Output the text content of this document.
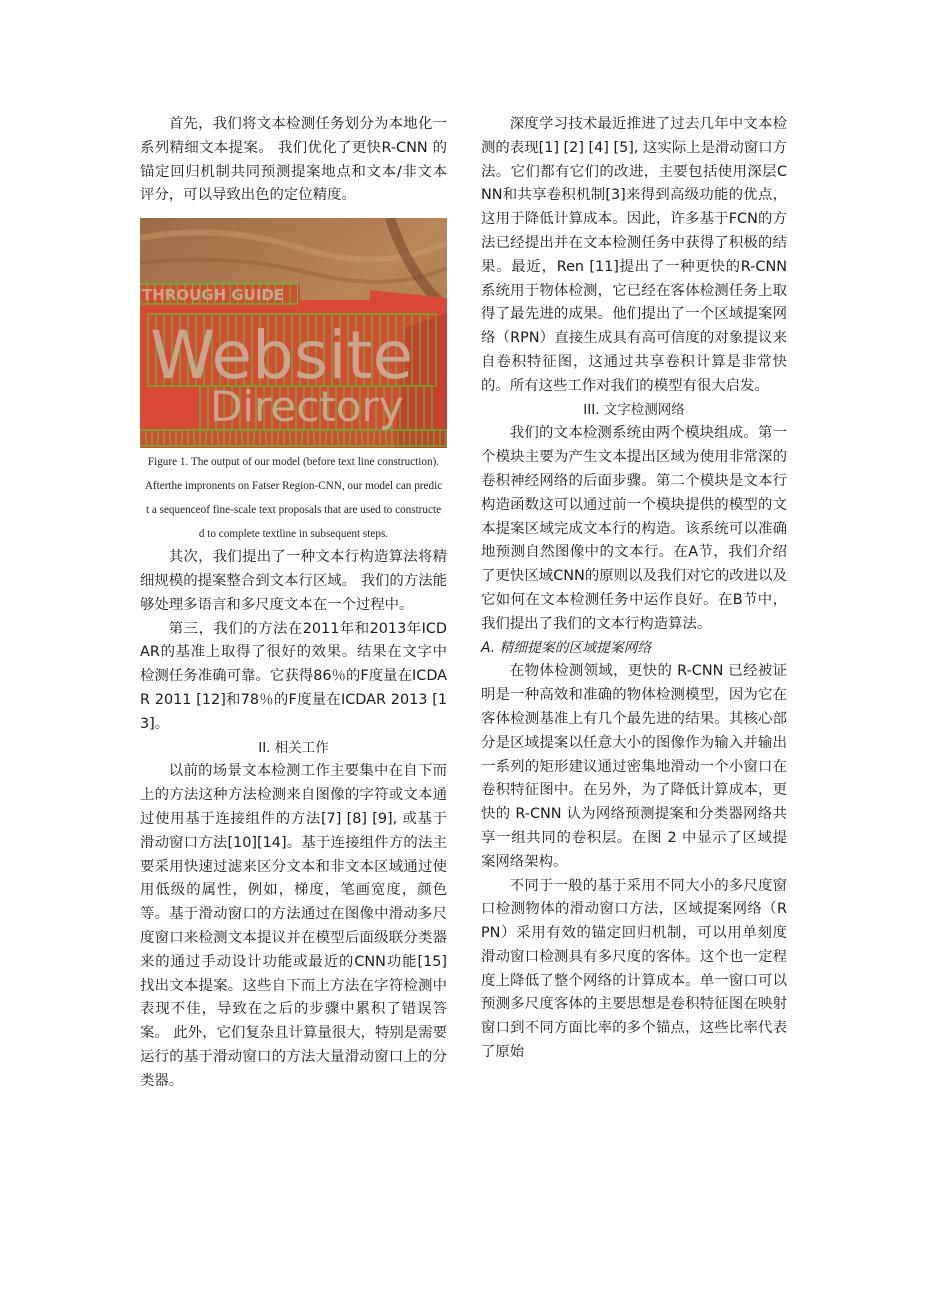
首先，我们将文本检测任务划分为本地化一系列精细文本提案。 我们优化了更快R-CNN 的锚定回归机制共同预测提案地点和文本/非文本评分，可以导致出色的定位精度。

THROUGH GUIDE
Website
Directory

Figure 1. The output of our model (before text line construction). Afterthe impronents on Fatser Region-CNN, our model can predict a sequenceof fine-scale text proposals that are used to constructed to complete textline in subsequent steps.

其次，我们提出了一种文本行构造算法将精细规模的提案整合到文本行区域。 我们的方法能够处理多语言和多尺度文本在一个过程中。

第三，我们的方法在2011年和2013年ICDAR的基准上取得了很好的效果。结果在文字中检测任务准确可靠。它获得86％的F度量在ICDAR 2011 [12]和78％的F度量在ICDAR 2013 [13]。

II. 相关工作

以前的场景文本检测工作主要集中在自下而上的方法这种方法检测来自图像的字符或文本通过使用基于连接组件的方法[7] [8] [9], 或基于滑动窗口方法[10][14]。基于连接组件方的法主要采用快速过滤来区分文本和非文本区域通过使用低级的属性，例如，梯度，笔画宽度，颜色等。基于滑动窗口的方法通过在图像中滑动多尺度窗口来检测文本提议并在模型后面级联分类器来的通过手动设计功能或最近的CNN功能[15] 找出文本提案。这些自下而上方法在字符检测中表现不佳，导致在之后的步骤中累积了错误答案。 此外，它们复杂且计算量很大，特别是需要运行的基于滑动窗口的方法大量滑动窗口上的分类器。

深度学习技术最近推进了过去几年中文本检测的表现[1] [2] [4] [5], 这实际上是滑动窗口方法。它们都有它们的改进，主要包括使用深层CNN和共享卷积机制[3]来得到高级功能的优点，这用于降低计算成本。因此，许多基于FCN的方法已经提出并在文本检测任务中获得了积极的结果。最近，Ren [11]提出了一种更快的R-CNN系统用于物体检测，它已经在客体检测任务上取得了最先进的成果。他们提出了一个区域提案网络（RPN）直接生成具有高可信度的对象提议来自卷积特征图，这通过共享卷积计算是非常快的。所有这些工作对我们的模型有很大启发。

III. 文字检测网络

我们的文本检测系统由两个模块组成。第一个模块主要为产生文本提出区域为使用非常深的卷积神经网络的后面步骤。第二个模块是文本行构造函数这可以通过前一个模块提供的模型的文本提案区域完成文本行的构造。该系统可以准确地预测自然图像中的文本行。在A节，我们介绍了更快区域CNN的原则以及我们对它的改进以及它如何在文本检测任务中运作良好。在B节中，我们提出了我们的文本行构造算法。

A. 精细提案的区域提案网络

在物体检测领域，更快的 R-CNN 已经被证明是一种高效和准确的物体检测模型，因为它在客体检测基准上有几个最先进的结果。其核心部分是区域提案以任意大小的图像作为输入并输出一系列的矩形建议通过密集地滑动一个小窗口在卷积特征图中。在另外，为了降低计算成本，更快的 R-CNN 认为网络预测提案和分类器网络共享一组共同的卷积层。在图 2 中显示了区域提案网络架构。

不同于一般的基于采用不同大小的多尺度窗口检测物体的滑动窗口方法，区域提案网络（RPN）采用有效的锚定回归机制，可以用单刻度滑动窗口检测具有多尺度的客体。这个也一定程度上降低了整个网络的计算成本。单一窗口可以预测多尺度客体的主要思想是卷积特征图在映射窗口到不同方面比率的多个锚点，这些比率代表了原始
